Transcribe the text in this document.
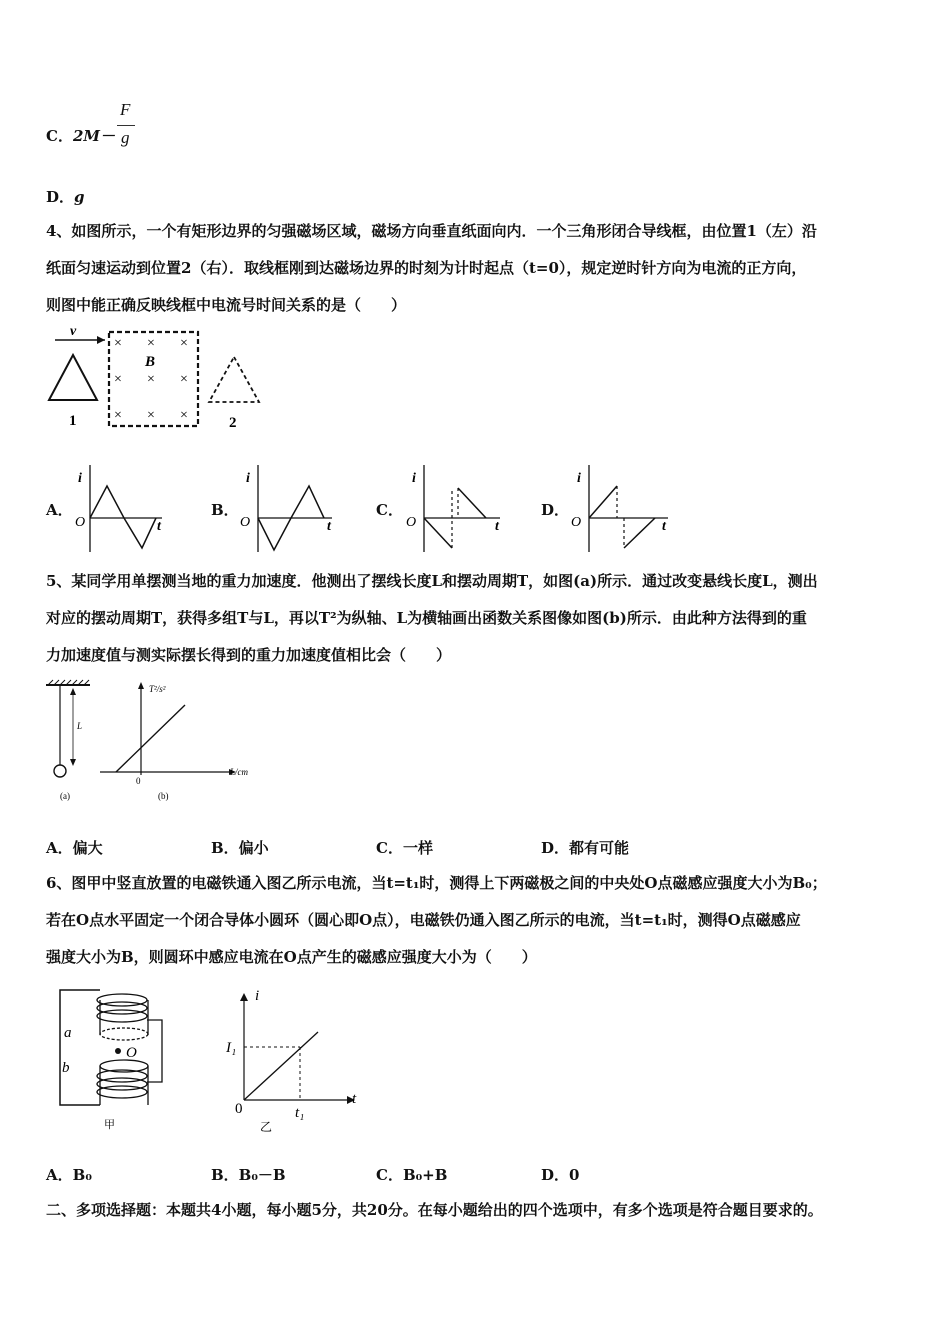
C．2M－
F
g
D．g
4、如图所示，一个有矩形边界的匀强磁场区域，磁场方向垂直纸面向内．一个三角形闭合导线框，由位置1（左）沿
纸面匀速运动到位置2（右）．取线框刚到达磁场边界的时刻为计时起点（t=0），规定逆时针方向为电流的正方向，
则图中能正确反映线框中电流号时间关系的是（　　）
v
1
× × ×
B
× × ×
× × ×	2
A．	B．	C．	D．
i
O	t
i
O	t
i
O	t
i
O	t
5、某同学用单摆测当地的重力加速度．他测出了摆线长度L和摆动周期T，如图(a)所示．通过改变悬线长度L，测出
对应的摆动周期T，获得多组T与L，再以T²为纵轴、L为横轴画出函数关系图像如图(b)所示．由此种方法得到的重
力加速度值与测实际摆长得到的重力加速度值相比会（　　）
L
(a)
T²/s²
L/cm
0
(b)
A．偏大	B．偏小	C．一样	D．都有可能
6、图甲中竖直放置的电磁铁通入图乙所示电流，当t=t₁时，测得上下两磁极之间的中央处O点磁感应强度大小为B₀；
若在O点水平固定一个闭合导体小圆环（圆心即O点），电磁铁仍通入图乙所示的电流，当t=t₁时，测得O点磁感应
强度大小为B，则圆环中感应电流在O点产生的磁感应强度大小为（　　）
O
a
b
甲
i
t
0
I₁
t₁
乙
A．B₀	B．B₀－B	C．B₀+B	D．0
二、多项选择题：本题共4小题，每小题5分，共20分。在每小题给出的四个选项中，有多个选项是符合题目要求的。
